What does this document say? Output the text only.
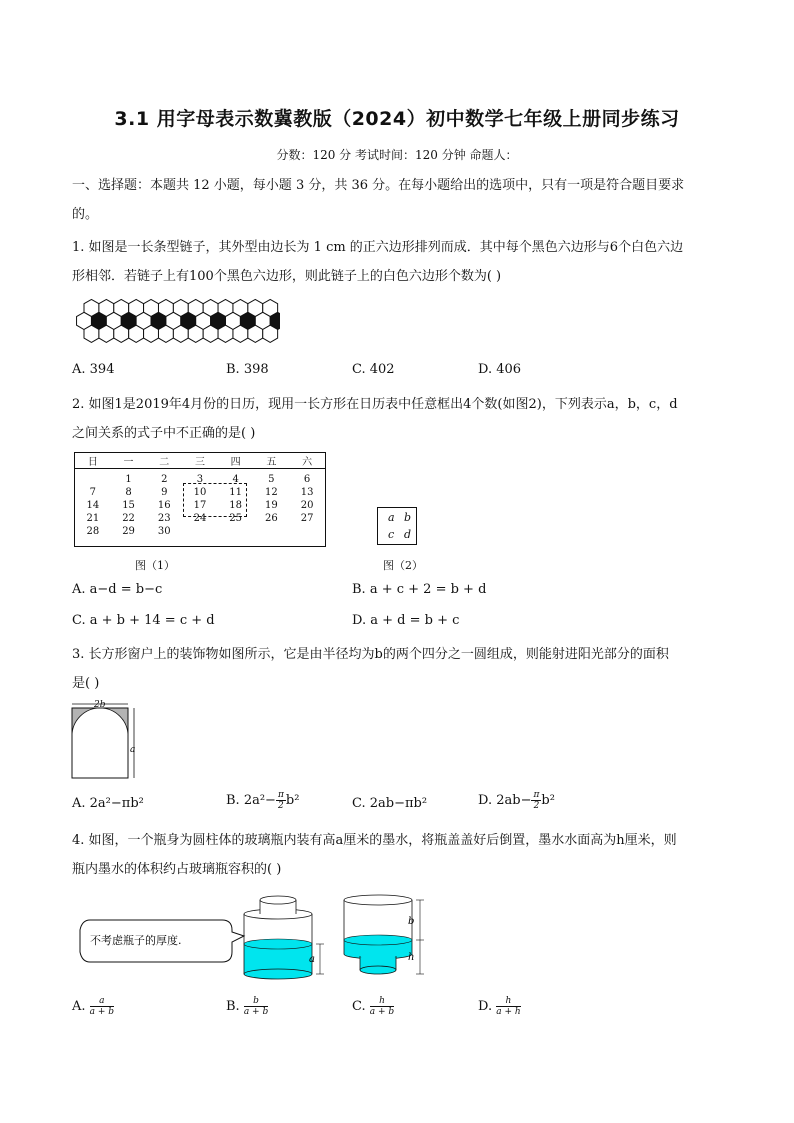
3.1 用字母表示数冀教版（2024）初中数学七年级上册同步练习
分数：120 分 考试时间：120 分钟 命题人：
一、选择题：本题共 12 小题，每小题 3 分，共 36 分。在每小题给出的选项中，只有一项是符合题目要求
的。
1. 如图是一长条型链子，其外型由边长为 1 cm 的正六边形排列而成．其中每个黑色六边形与6个白色六边
形相邻．若链子上有100个黑色六边形，则此链子上的白色六边形个数为( )
A. 394	B. 398	C. 402	D. 406
2. 如图1是2019年4月份的日历，现用一长方形在日历表中任意框出4个数(如图2)，下列表示a，b，c，d
之间关系的式子中不正确的是( )
日	一	二	三	四	五	六

	1	2	3	4	5	6
7	8	9	10	11	12	13
14	15	16	17	18	19	20
21	22	23	24	25	26	27
28	29	30				
图（1）
a b
c d
图（2）
A. a−d = b−c	B. a + c + 2 = b + d
C. a + b + 14 = c + d	D. a + d = b + c
3. 长方形窗户上的装饰物如图所示，它是由半径均为b的两个四分之一圆组成，则能射进阳光部分的面积
是( )
a
2b
A. 2a²−πb²	B. $2a^2- \frac{\pi}{2} b^2$	C. 2ab−πb²	D. $2ab- \frac{\pi}{2} b^2$
4. 如图，一个瓶身为圆柱体的玻璃瓶内装有高a厘米的墨水，将瓶盖盖好后倒置，墨水水面高为h厘米，则
瓶内墨水的体积约占玻璃瓶容积的( )
不考虑瓶子的厚度.
a
b
h
A. $\frac{a}{a + b}$	B. $\frac{b}{a + b}$	C. $\frac{h}{a + b}$	D. $\frac{h}{a + h}$
